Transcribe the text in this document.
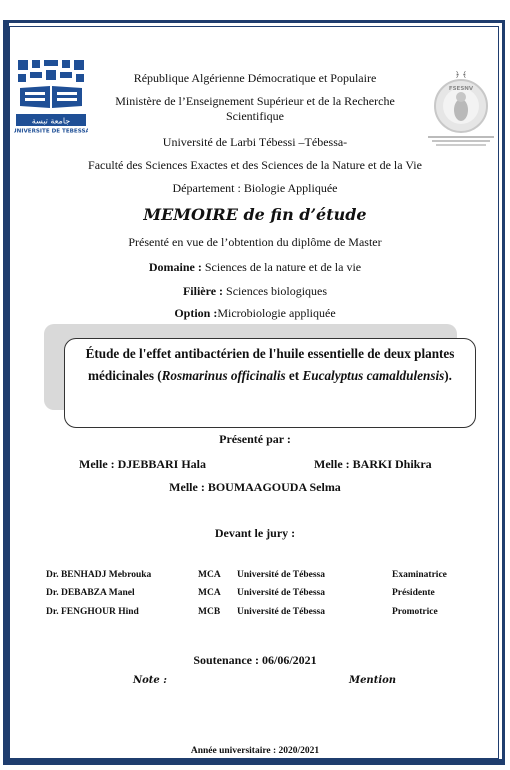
جامعة تبسة
UNIVERSITE DE TEBESSA
﴿ ﴾
FSESNV
République Algérienne Démocratique et Populaire
Ministère de l’Enseignement Supérieur et de la Recherche
Scientifique
Université de Larbi Tébessi –Tébessa-
Faculté des Sciences Exactes et des Sciences de la Nature et de la Vie
Département : Biologie Appliquée
MEMOIRE de fin d’étude
Présenté en vue de l’obtention du diplôme de Master
Domaine : Sciences de la nature et de la vie
Filière : Sciences biologiques
Option :Microbiologie appliquée
Étude de l'effet antibactérien de l'huile essentielle de deux plantes médicinales (Rosmarinus officinalis et Eucalyptus camaldulensis).
Présenté par :
Melle : DJEBBARI Hala	Melle : BARKI Dhikra
Melle : BOUMAAGOUDA Selma
Devant le jury :
Dr. BENHADJ Mebrouka	MCA Université de Tébessa	Examinatrice
Dr. DEBABZA Manel	MCA Université de Tébessa	Présidente
Dr. FENGHOUR Hind	MCB Université de Tébessa	Promotrice
Soutenance : 06/06/2021
Note :	Mention
Année universitaire : 2020/2021
